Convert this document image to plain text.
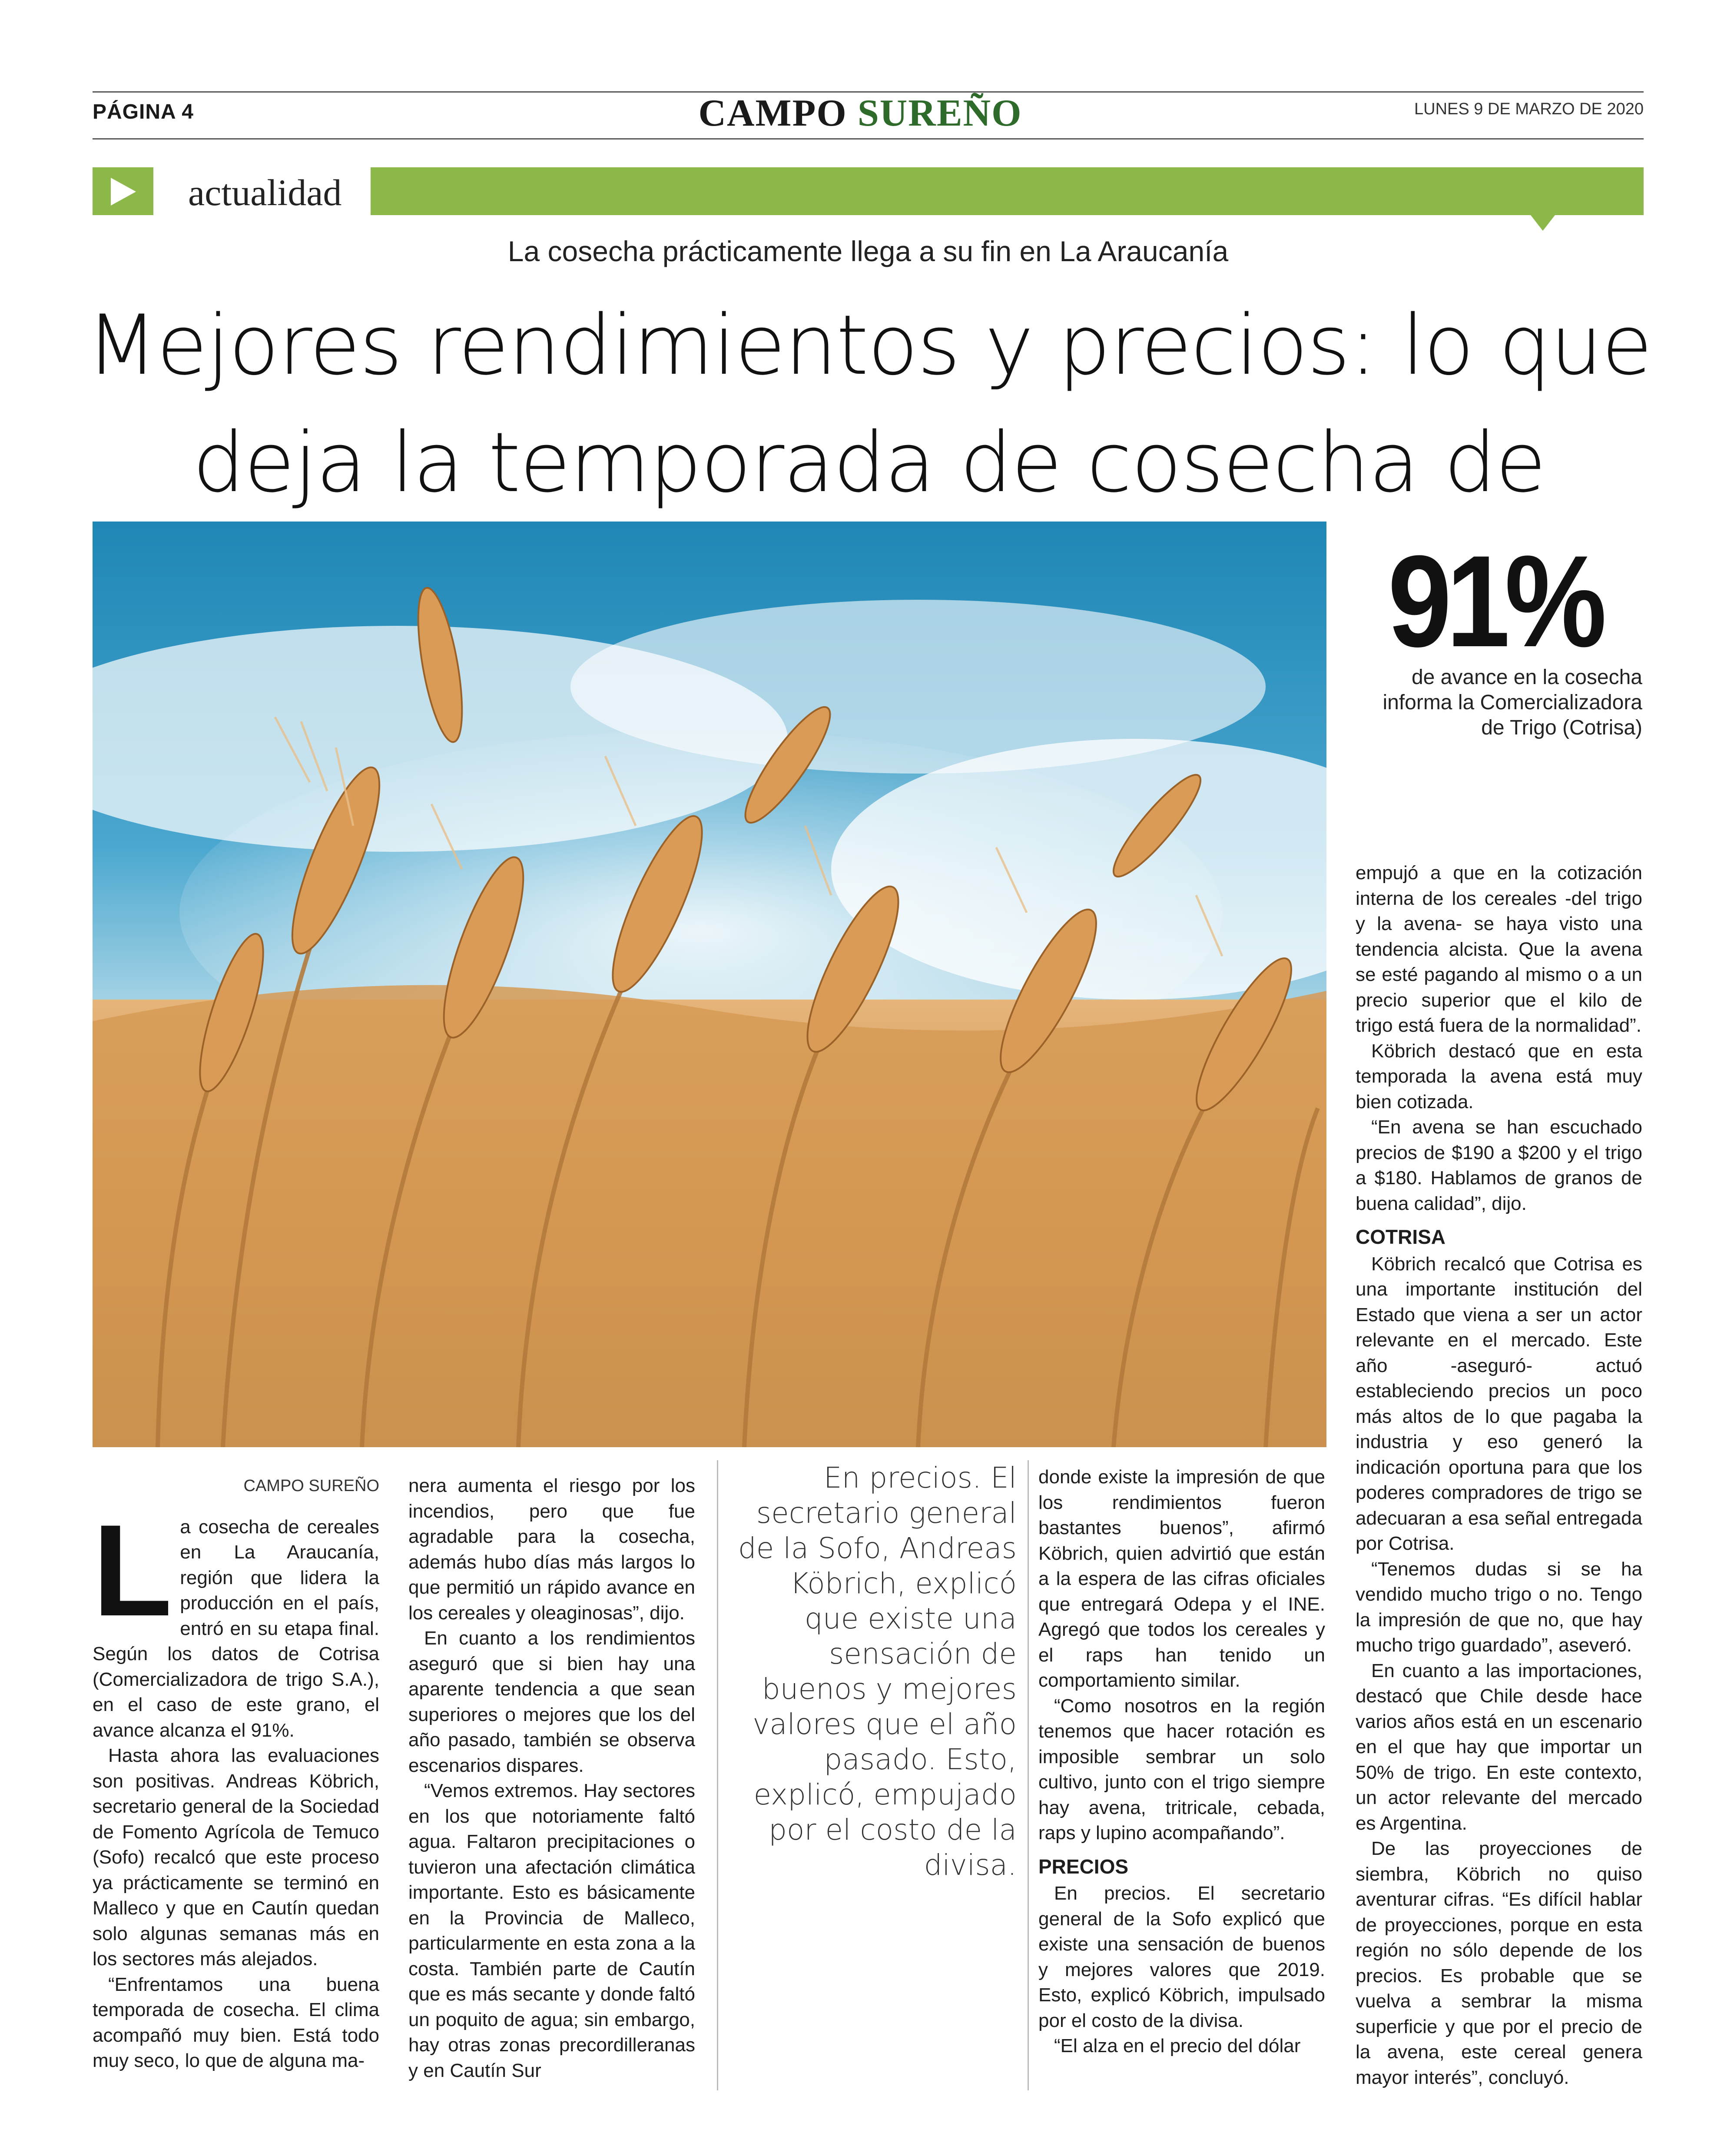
PÁGINA 4	CAMPO SUREÑO	LUNES 9 DE MARZO DE 2020
actualidad
La cosecha prácticamente llega a su fin en La Araucanía
Mejores rendimientos y precios: lo que
deja la temporada de cosecha de
91%
de avance en la cosecha informa la Comercializadora de Trigo (Cotrisa)
CAMPO SUREÑO
L a cosecha de cereales en La Araucanía, región que lidera la producción en el país, entró en su etapa final. Según los datos de Cotrisa (Comercializadora de trigo S.A.), en el caso de este grano, el avance alcanza el 91%.

Hasta ahora las evaluaciones son positivas. Andreas Köbrich, secretario general de la Sociedad de Fomento Agrícola de Temuco (Sofo) recalcó que este proceso ya prácticamente se terminó en Malleco y que en Cautín quedan solo algunas semanas más en los sectores más alejados.

“Enfrentamos una buena temporada de cosecha. El clima acompañó muy bien. Está todo muy seco, lo que de alguna ma-

nera aumenta el riesgo por los incendios, pero que fue agradable para la cosecha, además hubo días más largos lo que permitió un rápido avance en los cereales y oleaginosas”, dijo.

En cuanto a los rendimientos aseguró que si bien hay una aparente tendencia a que sean superiores o mejores que los del año pasado, también se observa escenarios dispares.

“Vemos extremos. Hay sectores en los que notoriamente faltó agua. Faltaron precipitaciones o tuvieron una afectación climática importante. Esto es básicamente en la Provincia de Malleco, particularmente en esta zona a la costa. También parte de Cautín que es más secante y donde faltó un poquito de agua; sin embargo, hay otras zonas precordilleranas y en Cautín Sur

En precios. El secretario general de la Sofo, Andreas Köbrich, explicó que existe una sensación de buenos y mejores valores que el año pasado. Esto, explicó, empujado por el costo de la divisa.

donde existe la impresión de que los rendimientos fueron bastantes buenos”, afirmó Köbrich, quien advirtió que están a la espera de las cifras oficiales que entregará Odepa y el INE. Agregó que todos los cereales y el raps han tenido un comportamiento similar.

“Como nosotros en la región tenemos que hacer rotación es imposible sembrar un solo cultivo, junto con el trigo siempre hay avena, tritricale, cebada, raps y lupino acompañando”.

PRECIOS

En precios. El secretario general de la Sofo explicó que existe una sensación de buenos y mejores valores que 2019. Esto, explicó Köbrich, impulsado por el costo de la divisa.

“El alza en el precio del dólar

empujó a que en la cotización interna de los cereales -del trigo y la avena- se haya visto una tendencia alcista. Que la avena se esté pagando al mismo o a un precio superior que el kilo de trigo está fuera de la normalidad”.

Köbrich destacó que en esta temporada la avena está muy bien cotizada.

“En avena se han escuchado precios de $190 a $200 y el trigo a $180. Hablamos de granos de buena calidad”, dijo.

COTRISA

Köbrich recalcó que Cotrisa es una importante institución del Estado que viena a ser un actor relevante en el mercado. Este año -aseguró- actuó estableciendo precios un poco más altos de lo que pagaba la industria y eso generó la indicación oportuna para que los poderes compradores de trigo se adecuaran a esa señal entregada por Cotrisa.

“Tenemos dudas si se ha vendido mucho trigo o no. Tengo la impresión de que no, que hay mucho trigo guardado”, aseveró.

En cuanto a las importaciones, destacó que Chile desde hace varios años está en un escenario en el que hay que importar un 50% de trigo. En este contexto, un actor relevante del mercado es Argentina.

De las proyecciones de siembra, Köbrich no quiso aventurar cifras. “Es difícil hablar de proyecciones, porque en esta región no sólo depende de los precios. Es probable que se vuelva a sembrar la misma superficie y que por el precio de la avena, este cereal genera mayor interés”, concluyó.
